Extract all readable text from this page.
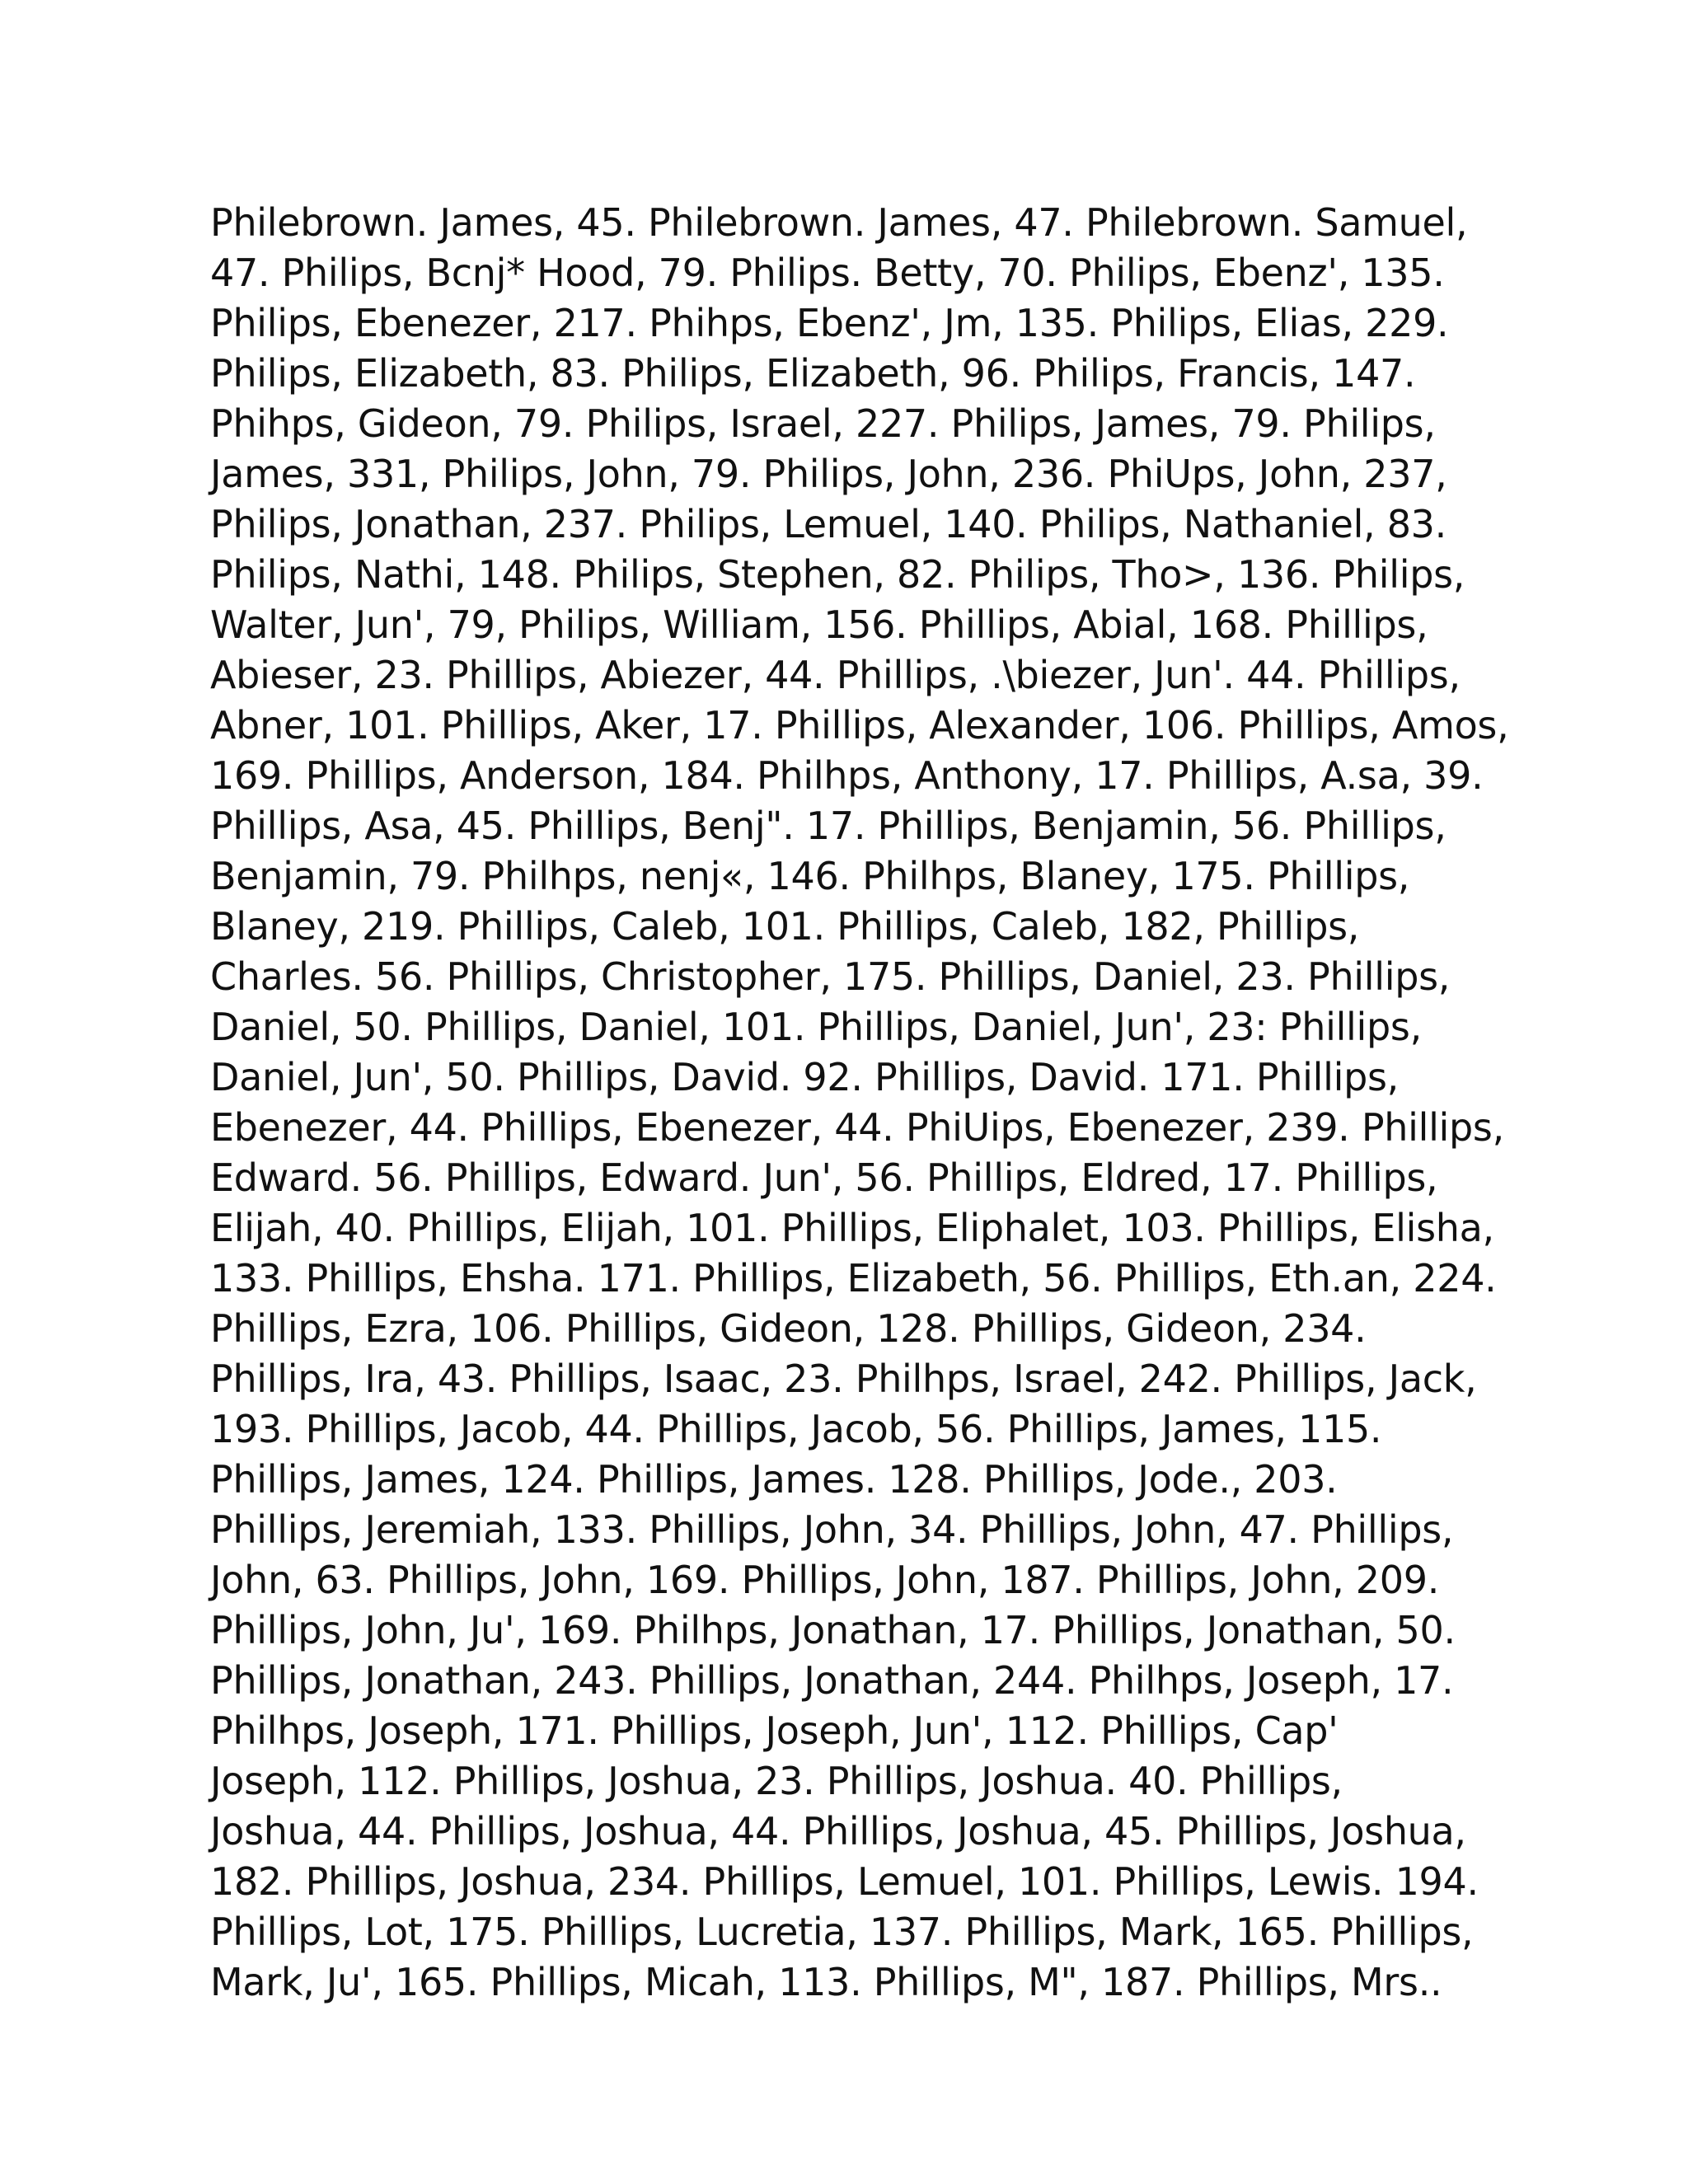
Philebrown. James, 45. Philebrown. James, 47. Philebrown. Samuel,
47. Philips, Bcnj* Hood, 79. Philips. Betty, 70. Philips, Ebenz', 135.
Philips, Ebenezer, 217. Phihps, Ebenz', Jm, 135. Philips, Elias, 229.
Philips, Elizabeth, 83. Philips, Elizabeth, 96. Philips, Francis, 147.
Phihps, Gideon, 79. Philips, Israel, 227. Philips, James, 79. Philips,
James, 331, Philips, John, 79. Philips, John, 236. PhiUps, John, 237,
Philips, Jonathan, 237. Philips, Lemuel, 140. Philips, Nathaniel, 83.
Philips, Nathi, 148. Philips, Stephen, 82. Philips, Tho>, 136. Philips,
Walter, Jun', 79, Philips, William, 156. Phillips, Abial, 168. Phillips,
Abieser, 23. Phillips, Abiezer, 44. Phillips, .\biezer, Jun'. 44. Phillips,
Abner, 101. Phillips, Aker, 17. Phillips, Alexander, 106. Phillips, Amos,
169. Phillips, Anderson, 184. Philhps, Anthony, 17. Phillips, A.sa, 39.
Phillips, Asa, 45. Phillips, Benj". 17. Phillips, Benjamin, 56. Phillips,
Benjamin, 79. Philhps, nenj«, 146. Philhps, Blaney, 175. Phillips,
Blaney, 219. Phillips, Caleb, 101. Phillips, Caleb, 182, Phillips,
Charles. 56. Phillips, Christopher, 175. Phillips, Daniel, 23. Phillips,
Daniel, 50. Phillips, Daniel, 101. Phillips, Daniel, Jun', 23: Phillips,
Daniel, Jun', 50. Phillips, David. 92. Phillips, David. 171. Phillips,
Ebenezer, 44. Phillips, Ebenezer, 44. PhiUips, Ebenezer, 239. Phillips,
Edward. 56. Phillips, Edward. Jun', 56. Phillips, Eldred, 17. Phillips,
Elijah, 40. Phillips, Elijah, 101. Phillips, Eliphalet, 103. Phillips, Elisha,
133. Phillips, Ehsha. 171. Phillips, Elizabeth, 56. Phillips, Eth.an, 224.
Phillips, Ezra, 106. Phillips, Gideon, 128. Phillips, Gideon, 234.
Phillips, Ira, 43. Phillips, Isaac, 23. Philhps, Israel, 242. Phillips, Jack,
193. Phillips, Jacob, 44. Phillips, Jacob, 56. Phillips, James, 115.
Phillips, James, 124. Phillips, James. 128. Phillips, Jode., 203.
Phillips, Jeremiah, 133. Phillips, John, 34. Phillips, John, 47. Phillips,
John, 63. Phillips, John, 169. Phillips, John, 187. Phillips, John, 209.
Phillips, John, Ju', 169. Philhps, Jonathan, 17. Phillips, Jonathan, 50.
Phillips, Jonathan, 243. Phillips, Jonathan, 244. Philhps, Joseph, 17.
Philhps, Joseph, 171. Phillips, Joseph, Jun', 112. Phillips, Cap'
Joseph, 112. Phillips, Joshua, 23. Phillips, Joshua. 40. Phillips,
Joshua, 44. Phillips, Joshua, 44. Phillips, Joshua, 45. Phillips, Joshua,
182. Phillips, Joshua, 234. Phillips, Lemuel, 101. Phillips, Lewis. 194.
Phillips, Lot, 175. Phillips, Lucretia, 137. Phillips, Mark, 165. Phillips,
Mark, Ju', 165. Phillips, Micah, 113. Phillips, M", 187. Phillips, Mrs..
